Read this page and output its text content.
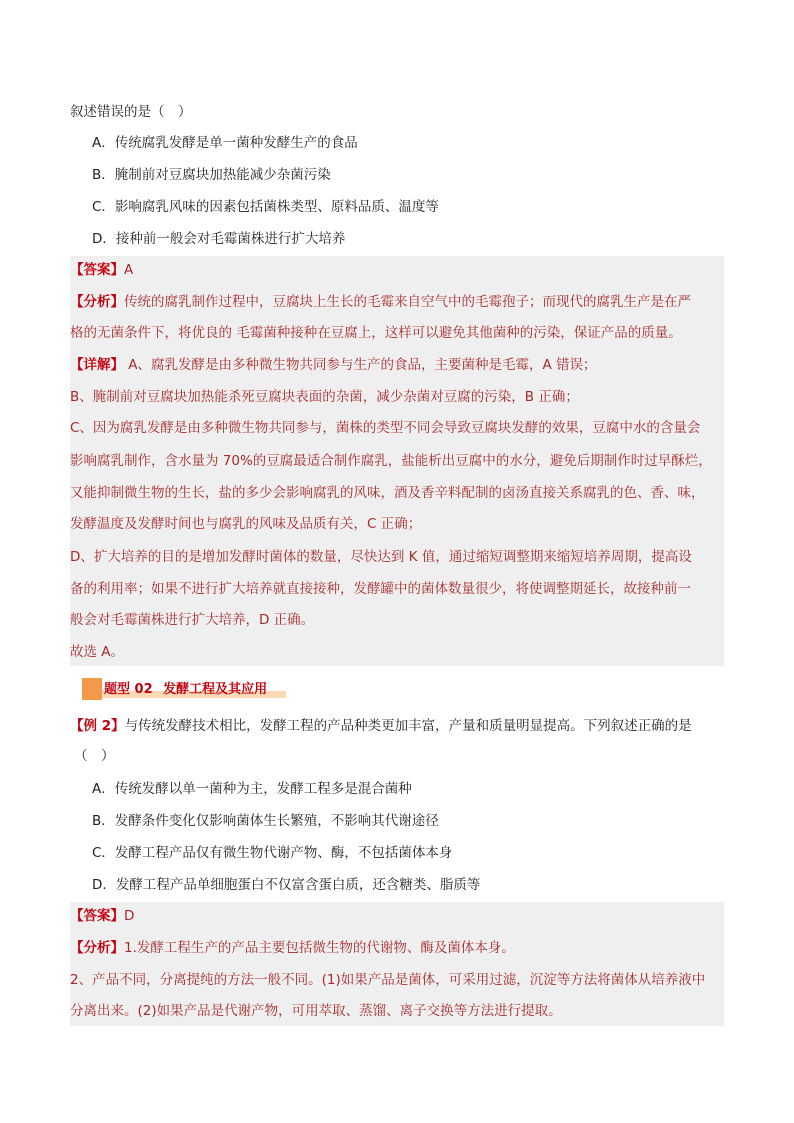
叙述错误的是（　）
A．传统腐乳发酵是单一菌种发酵生产的食品
B．腌制前对豆腐块加热能减少杂菌污染
C．影响腐乳风味的因素包括菌株类型、原料品质、温度等
D．接种前一般会对毛霉菌株进行扩大培养
【答案】A
【分析】传统的腐乳制作过程中，豆腐块上生长的毛霉来自空气中的毛霉孢子；而现代的腐乳生产是在严
格的无菌条件下，将优良的 毛霉菌种接种在豆腐上，这样可以避免其他菌种的污染，保证产品的质量。
【详解】 A、腐乳发酵是由多种微生物共同参与生产的食品，主要菌种是毛霉，A 错误；
B、腌制前对豆腐块加热能杀死豆腐块表面的杂菌，减少杂菌对豆腐的污染，B 正确；
C、因为腐乳发酵是由多种微生物共同参与，菌株的类型不同会导致豆腐块发酵的效果，豆腐中水的含量会
影响腐乳制作，含水量为 70%的豆腐最适合制作腐乳，盐能析出豆腐中的水分，避免后期制作时过早酥烂，
又能抑制微生物的生长，盐的多少会影响腐乳的风味，酒及香辛料配制的卤汤直接关系腐乳的色、香、味，
发酵温度及发酵时间也与腐乳的风味及品质有关，C 正确；
D、扩大培养的目的是增加发酵时菌体的数量，尽快达到 K 值，通过缩短调整期来缩短培养周期，提高设
备的利用率；如果不进行扩大培养就直接接种，发酵罐中的菌体数量很少，将使调整期延长，故接种前一
般会对毛霉菌株进行扩大培养，D 正确。
故选 A。
题型 02 发酵工程及其应用
【例 2】与传统发酵技术相比，发酵工程的产品种类更加丰富，产量和质量明显提高。下列叙述正确的是
（　）
A．传统发酵以单一菌种为主，发酵工程多是混合菌种
B．发酵条件变化仅影响菌体生长繁殖，不影响其代谢途径
C．发酵工程产品仅有微生物代谢产物、酶，不包括菌体本身
D．发酵工程产品单细胞蛋白不仅富含蛋白质，还含糖类、脂质等
【答案】D
【分析】1.发酵工程生产的产品主要包括微生物的代谢物、酶及菌体本身。
2、产品不同，分离提纯的方法一般不同。(1)如果产品是菌体，可采用过滤，沉淀等方法将菌体从培养液中
分离出来。(2)如果产品是代谢产物，可用萃取、蒸馏、离子交换等方法进行提取。
